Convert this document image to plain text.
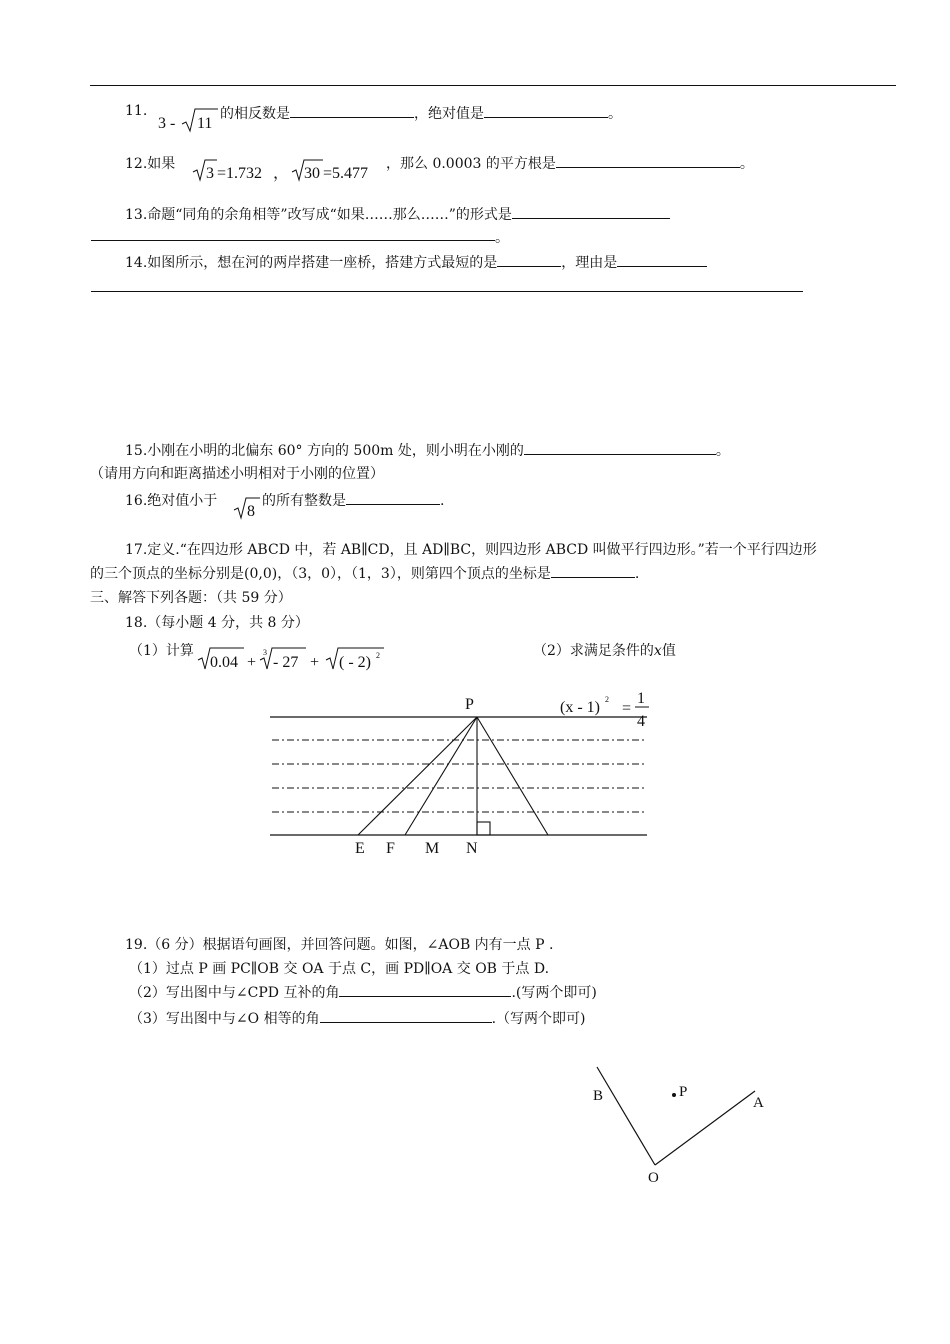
11.
3 - 11
的相反数是	，绝对值是	。
12.如果
3 =1.732 ， 30 =5.477
，那么 0.0003 的平方根是	。
13.命题“同角的余角相等”改写成“如果……那么……”的形式是
。
14.如图所示，想在河的两岸搭建一座桥，搭建方式最短的是	，理由是
15.小刚在小明的北偏东 60° 方向的 500m 处，则小明在小刚的	。
（请用方向和距离描述小明相对于小刚的位置）
16.绝对值小于
8
的所有整数是	.
17.定义.“在四边形 ABCD 中，若 AB∥CD，且 AD∥BC，则四边形 ABCD 叫做平行四边形。”若一个平行四边形
的三个顶点的坐标分别是(0,0)，（3，0），（1，3），则第四个顶点的坐标是	.
三、解答下列各题：（共 59 分）
18.（每小题 4 分，共 8 分）
（1）计算
0.04 +
3
- 27 + ( - 2) 2	（2）求满足条件的x值
(x - 1) 2
=
1
4
P
E F M N
19.（6 分）根据语句画图，并回答问题。如图，∠AOB 内有一点 P .
（1）过点 P 画 PC∥OB 交 OA 于点 C，画 PD∥OA 交 OB 于点 D.
（2）写出图中与∠CPD 互补的角	.(写两个即可)
（3）写出图中与∠O 相等的角	.（写两个即可)
B	P
A
O
